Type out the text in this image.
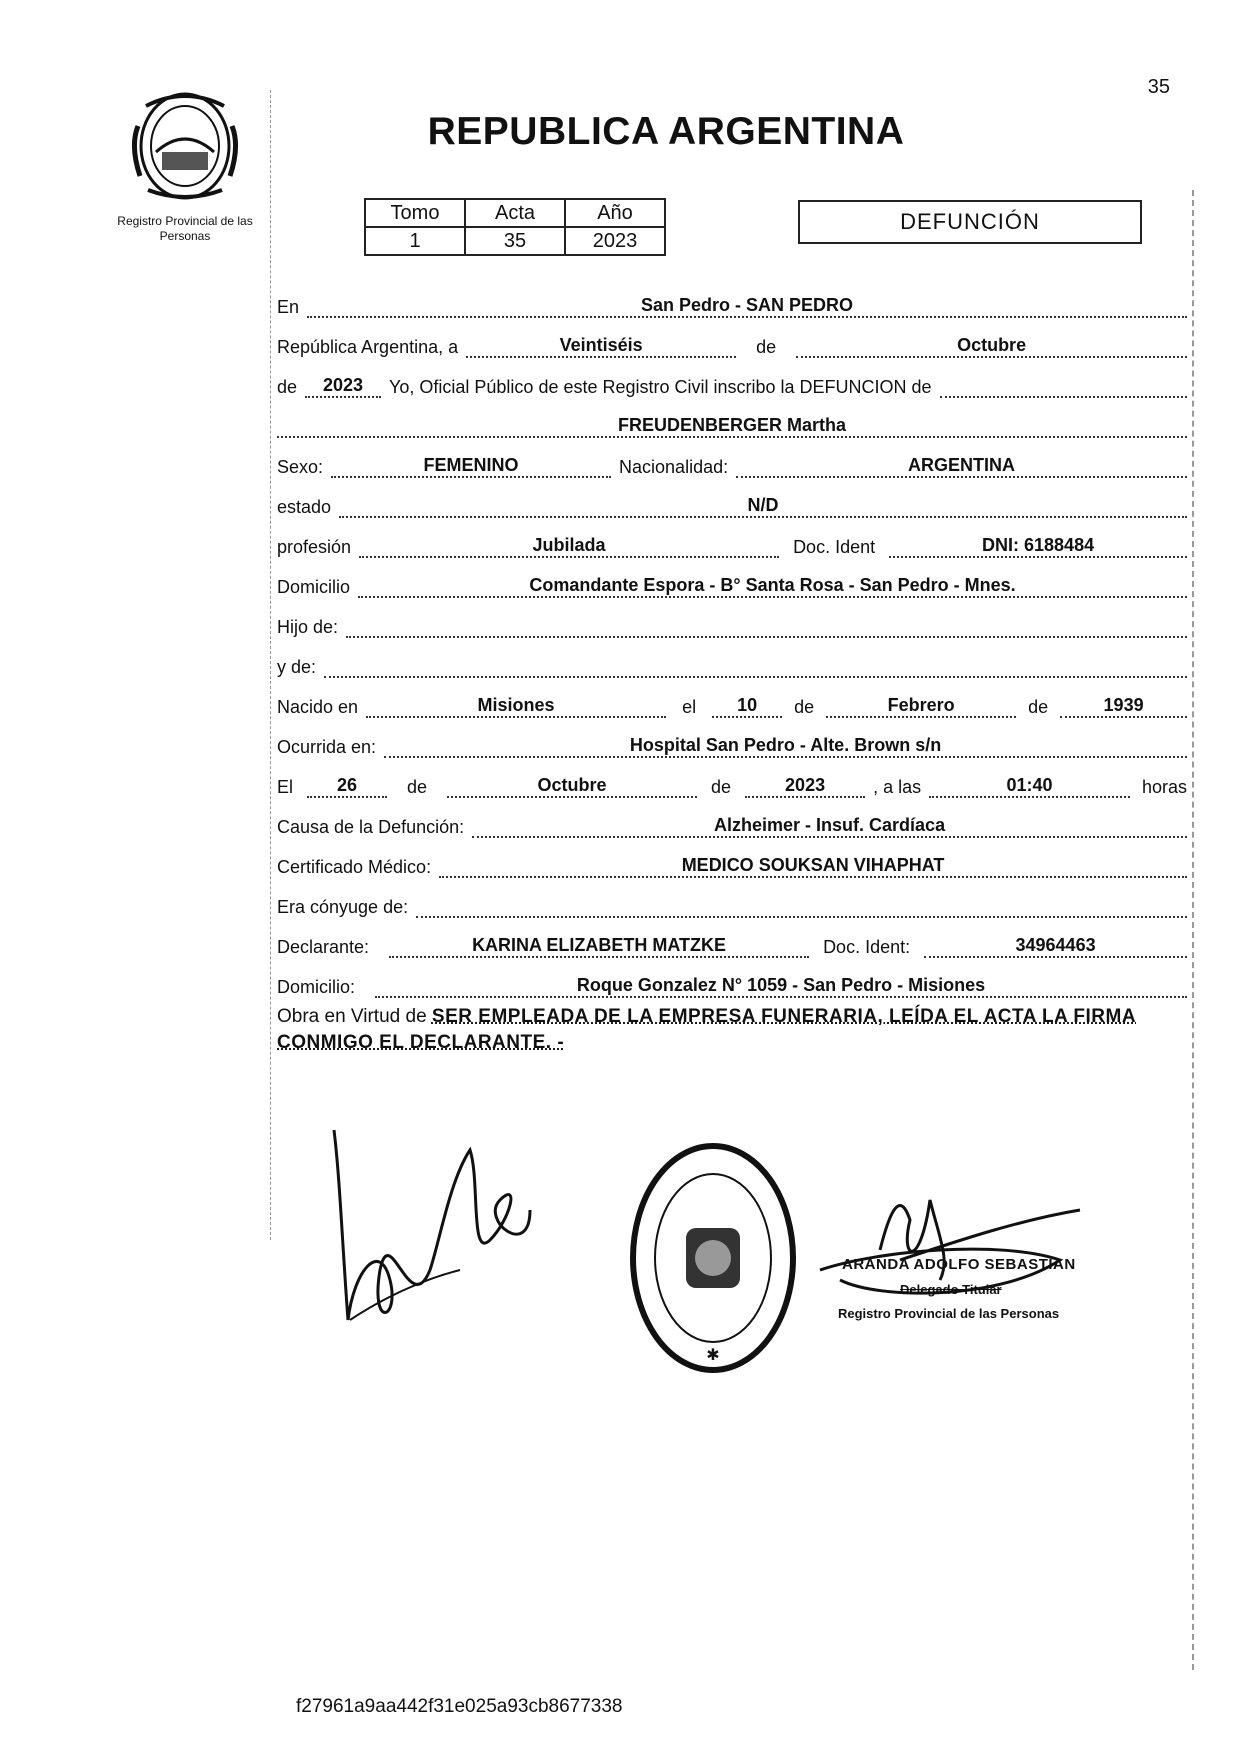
35
Registro Provincial de las Personas
REPUBLICA ARGENTINA
Tomo	Acta	Año
1	35	2023
DEFUNCIÓN
En	San Pedro - SAN PEDRO
República Argentina, a	Veintiséis	de	Octubre
de	2023	Yo, Oficial Público de este Registro Civil inscribo la DEFUNCION de
FREUDENBERGER Martha
Sexo:	FEMENINO	Nacionalidad:	ARGENTINA
estado	N/D
profesión	Jubilada	Doc. Ident	DNI: 6188484
Domicilio	Comandante Espora - B° Santa Rosa - San Pedro - Mnes.
Hijo de:
y de:
Nacido en	Misiones	el	10	de	Febrero	de	1939
Ocurrida en:	Hospital San Pedro - Alte. Brown s/n
El	26	de	Octubre	de	2023	, a las	01:40	horas
Causa de la Defunción:	Alzheimer - Insuf. Cardíaca
Certificado Médico:	MEDICO SOUKSAN VIHAPHAT
Era cónyuge de:
Declarante:	KARINA ELIZABETH MATZKE	Doc. Ident:	34964463
Domicilio:	Roque Gonzalez N° 1059 - San Pedro - Misiones
Obra en Virtud de SER EMPLEADA DE LA EMPRESA FUNERARIA, LEÍDA EL ACTA LA FIRMA CONMIGO EL DECLARANTE. -
✱
ARANDA ADOLFO SEBASTIAN
Delegado Titular
Registro Provincial de las Personas
f27961a9aa442f31e025a93cb8677338
